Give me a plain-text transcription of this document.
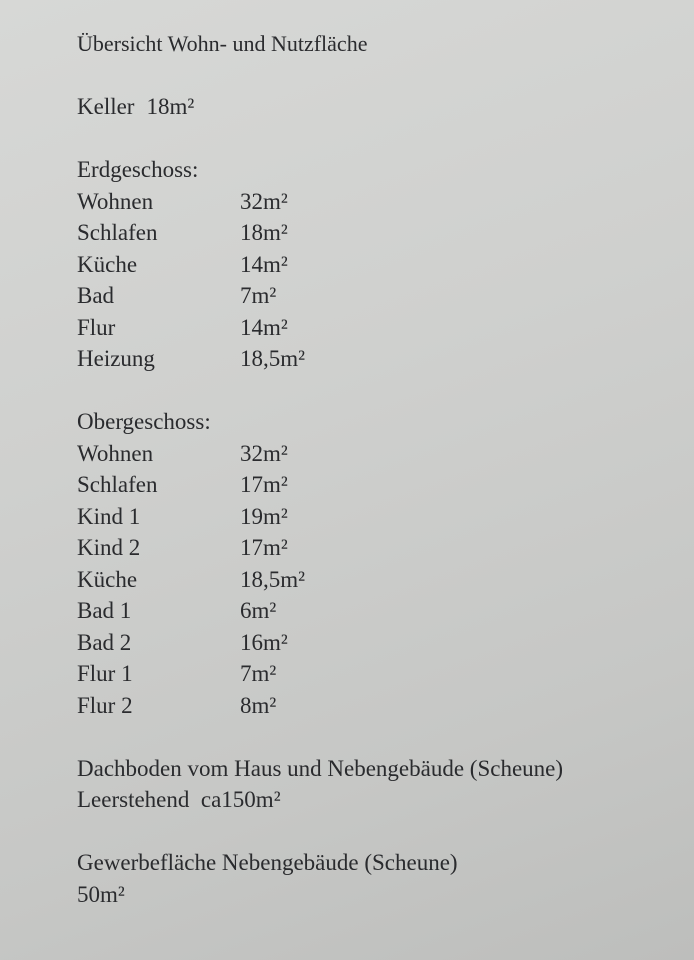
Übersicht Wohn- und Nutzfläche
Keller 18m²
Erdgeschoss:
Wohnen	32m²
Schlafen	18m²
Küche	14m²
Bad	7m²
Flur	14m²
Heizung	18,5m²
Obergeschoss:
Wohnen	32m²
Schlafen	17m²
Kind 1	19m²
Kind 2	17m²
Küche	18,5m²
Bad 1	6m²
Bad 2	16m²
Flur 1	7m²
Flur 2	8m²
Dachboden vom Haus und Nebengebäude (Scheune)
Leerstehend  ca150m²
Gewerbefläche Nebengebäude (Scheune)
50m²
